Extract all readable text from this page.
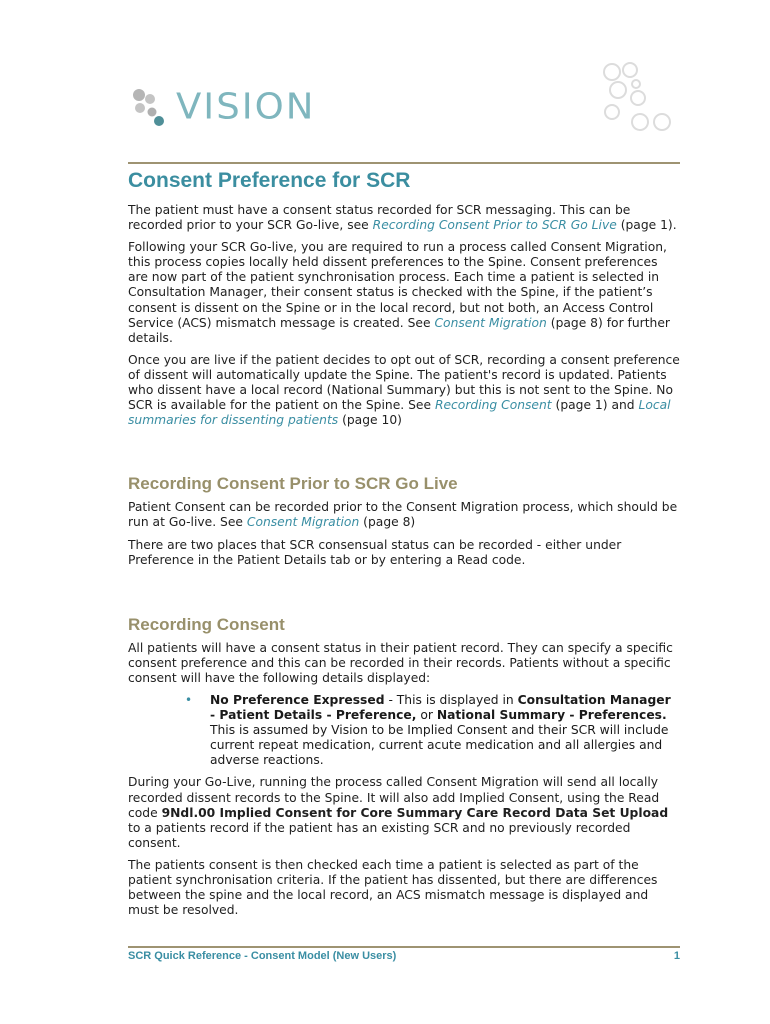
VISION
Consent Preference for SCR

The patient must have a consent status recorded for SCR messaging. This can be recorded prior to your SCR Go-live, see Recording Consent Prior to SCR Go Live (page 1).

Following your SCR Go-live, you are required to run a process called Consent Migration, this process copies locally held dissent preferences to the Spine. Consent preferences are now part of the patient synchronisation process. Each time a patient is selected in Consultation Manager, their consent status is checked with the Spine, if the patient’s consent is dissent on the Spine or in the local record, but not both, an Access Control Service (ACS) mismatch message is created. See Consent Migration (page 8) for further details.

Once you are live if the patient decides to opt out of SCR, recording a consent preference of dissent will automatically update the Spine. The patient's record is updated. Patients who dissent have a local record (National Summary) but this is not sent to the Spine. No SCR is available for the patient on the Spine. See Recording Consent (page 1) and Local summaries for dissenting patients (page 10)

Recording Consent Prior to SCR Go Live

Patient Consent can be recorded prior to the Consent Migration process, which should be run at Go-live. See Consent Migration (page 8)

There are two places that SCR consensual status can be recorded - either under Preference in the Patient Details tab or by entering a Read code.

Recording Consent

All patients will have a consent status in their patient record. They can specify a specific consent preference and this can be recorded in their records. Patients without a specific consent will have the following details displayed:

• No Preference Expressed - This is displayed in Consultation Manager - Patient Details - Preference, or National Summary - Preferences. This is assumed by Vision to be Implied Consent and their SCR will include current repeat medication, current acute medication and all allergies and adverse reactions.

During your Go-Live, running the process called Consent Migration will send all locally recorded dissent records to the Spine. It will also add Implied Consent, using the Read code 9Ndl.00 Implied Consent for Core Summary Care Record Data Set Upload to a patients record if the patient has an existing SCR and no previously recorded consent.

The patients consent is then checked each time a patient is selected as part of the patient synchronisation criteria. If the patient has dissented, but there are differences between the spine and the local record, an ACS mismatch message is displayed and must be resolved.

SCR Quick Reference - Consent Model (New Users)	1
